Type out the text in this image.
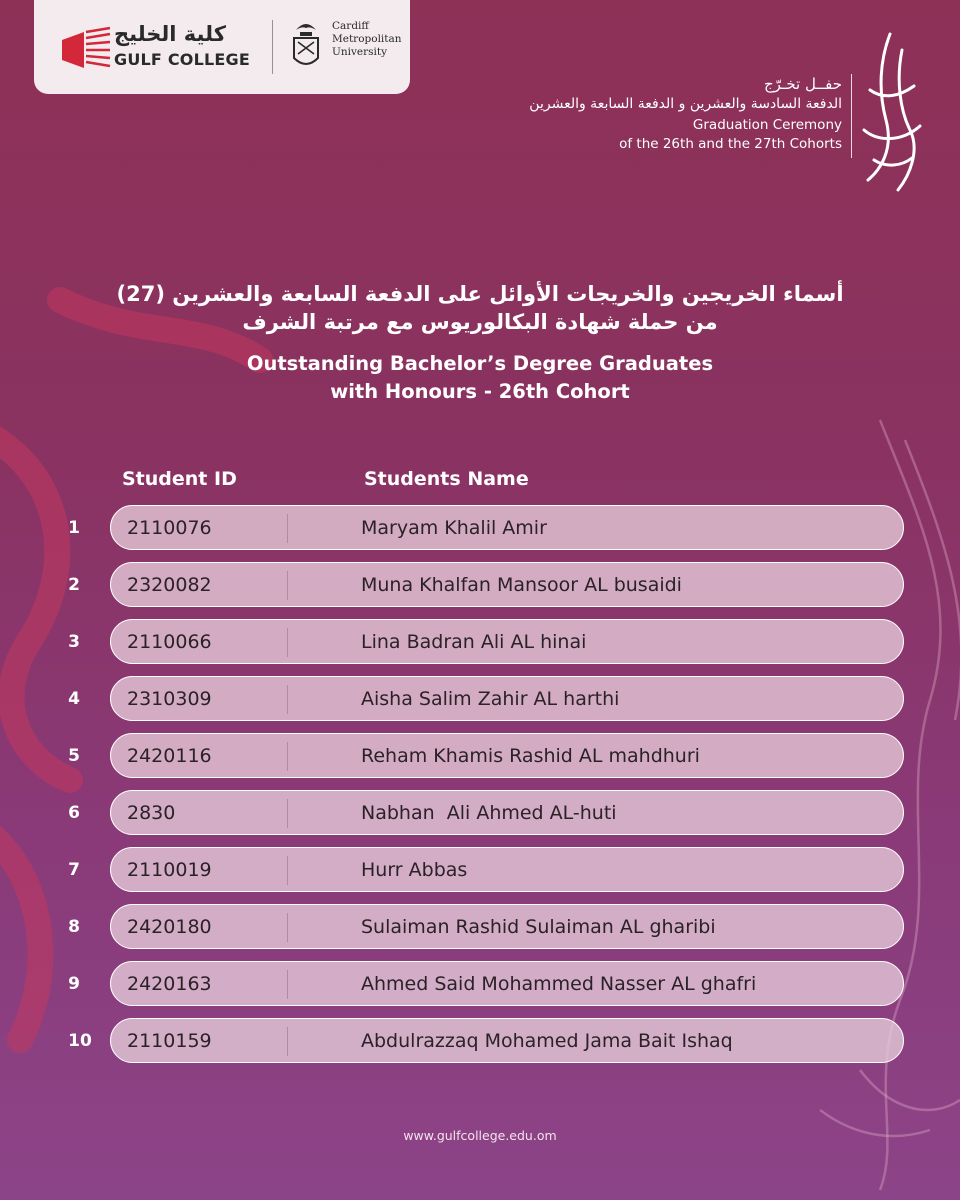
كلية الخليج
GULF COLLEGE
Cardiff
Metropolitan
University
حفــل تخـرّج
الدفعة السادسة والعشرين و الدفعة السابعة والعشرين
Graduation Ceremony
of the 26th and the 27th Cohorts
أسماء الخريجين والخريجات الأوائل على الدفعة السابعة والعشرين (27)
من حملة شهادة البكالوريوس مع مرتبة الشرف
Outstanding Bachelor’s Degree Graduates
with Honours - 26th Cohort
Student ID	Students Name
1	2110076	Maryam Khalil Amir
2	2320082	Muna Khalfan Mansoor AL busaidi
3	2110066	Lina Badran Ali AL hinai
4	2310309	Aisha Salim Zahir AL harthi
5	2420116	Reham Khamis Rashid AL mahdhuri
6	2830	Nabhan  Ali Ahmed AL-huti
7	2110019	Hurr Abbas
8	2420180	Sulaiman Rashid Sulaiman AL gharibi
9	2420163	Ahmed Said Mohammed Nasser AL ghafri
10	2110159	Abdulrazzaq Mohamed Jama Bait Ishaq
www.gulfcollege.edu.om
